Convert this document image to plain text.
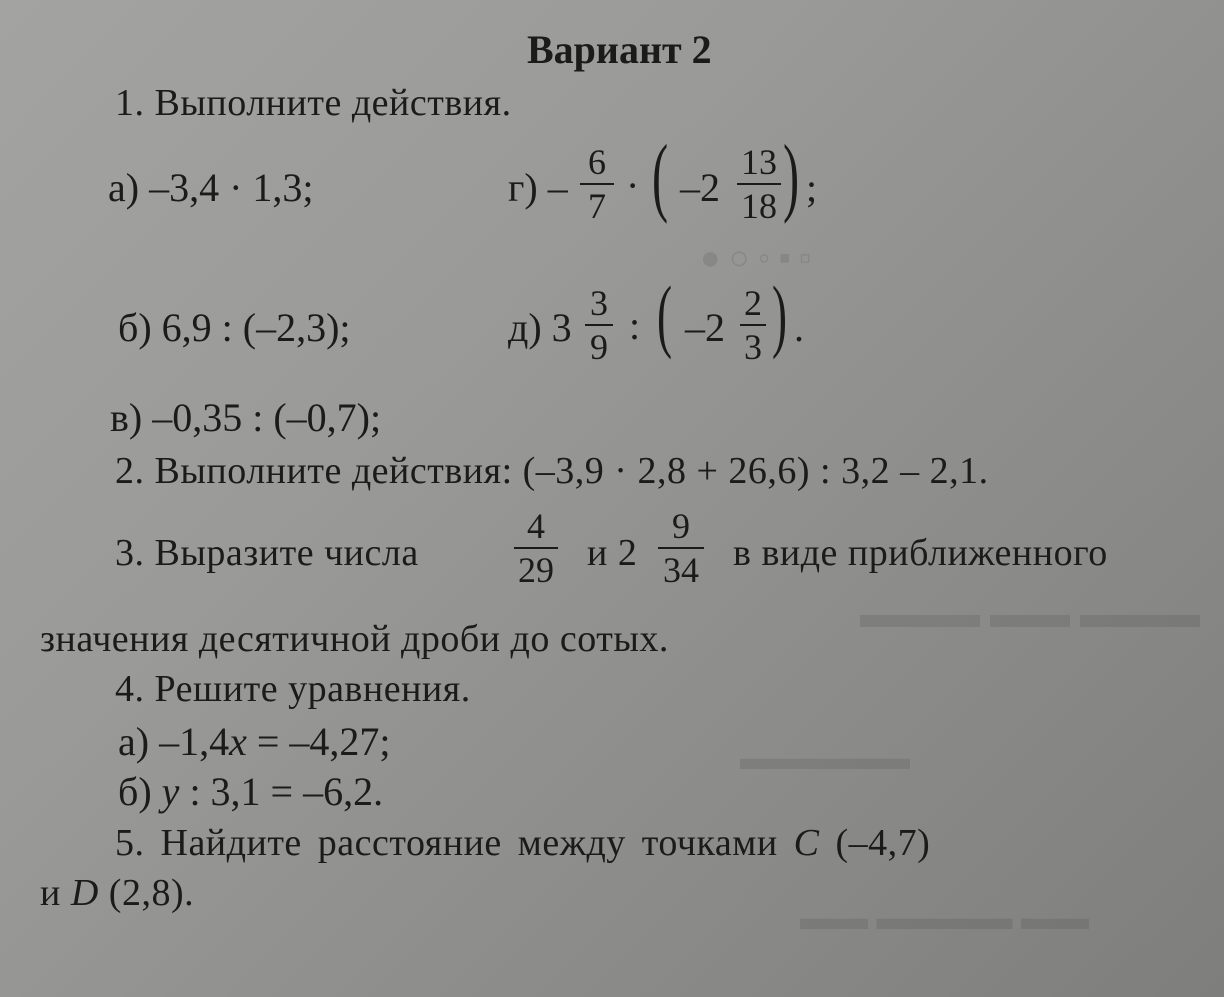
● ○ ◦ ▪ ▫
▬▬▬ ▬▬ ▬▬▬
▬▬▬▬▬
▬▬ ▬▬▬▬ ▬▬
Вариант 2
1. Выполните действия.
а) –3,4 · 1,3;	г) –
6
7 · ( –2
13
18 ) ;
б) 6,9 : (–2,3);	д) 3
3
9 : ( –2
2
3 ) .
в) –0,35 : (–0,7);
2. Выполните действия: (–3,9 · 2,8 + 26,6) : 3,2 – 2,1.
3. Выразите числа
4
29 и 2
9
34 в виде приближенного
значения десятичной дроби до сотых.
4. Решите уравнения.
а) –1,4x = –4,27;
б) y : 3,1 = –6,2.
5. Найдите расстояние между точками C (–4,7)
и D (2,8).
